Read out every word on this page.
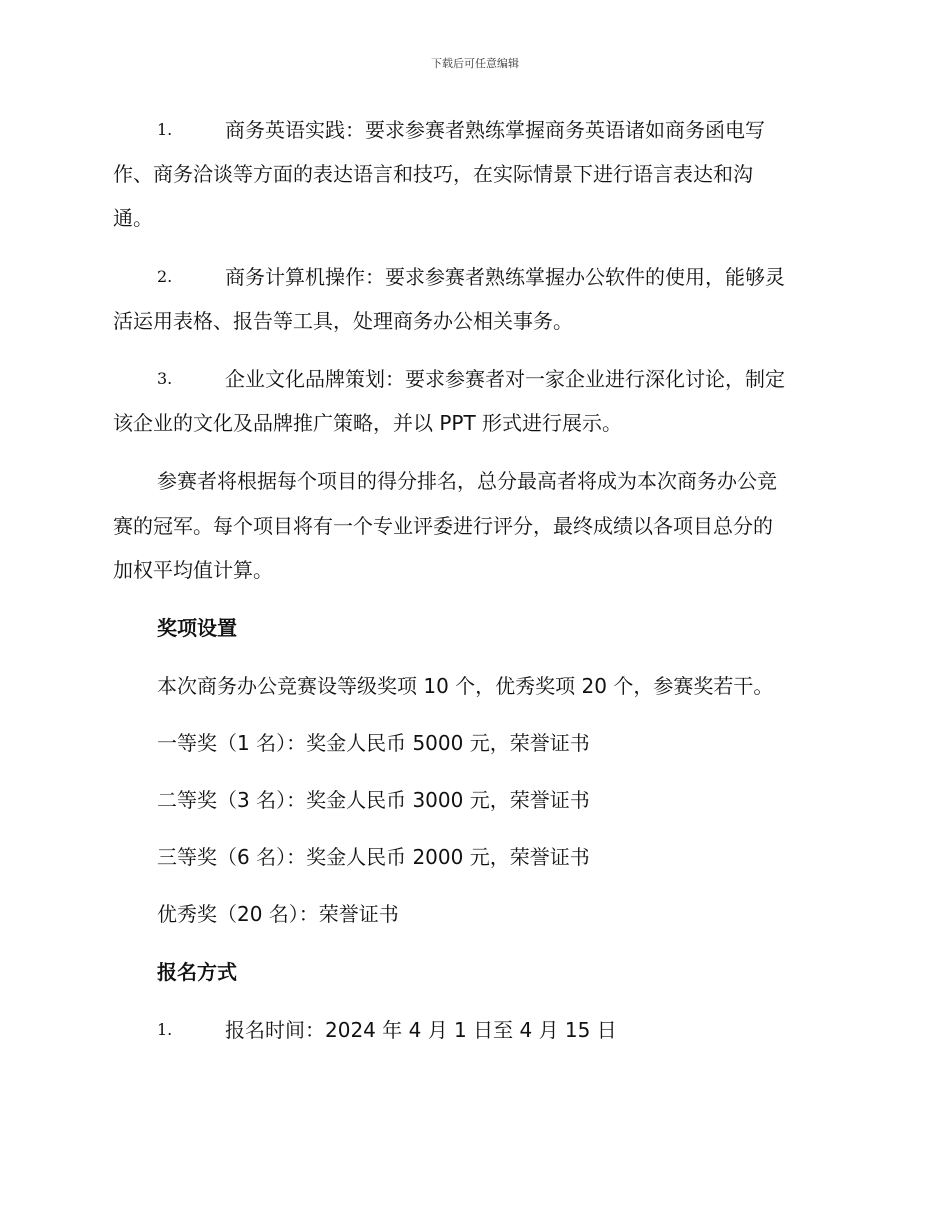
下载后可任意编辑
1.	商务英语实践：要求参赛者熟练掌握商务英语诸如商务函电写
作、商务洽谈等方面的表达语言和技巧，在实际情景下进行语言表达和沟
通。
2.	商务计算机操作：要求参赛者熟练掌握办公软件的使用，能够灵
活运用表格、报告等工具，处理商务办公相关事务。
3.	企业文化品牌策划：要求参赛者对一家企业进行深化讨论，制定
该企业的文化及品牌推广策略，并以 PPT 形式进行展示。
参赛者将根据每个项目的得分排名，总分最高者将成为本次商务办公竞
赛的冠军。每个项目将有一个专业评委进行评分，最终成绩以各项目总分的
加权平均值计算。
奖项设置
本次商务办公竞赛设等级奖项 10 个，优秀奖项 20 个，参赛奖若干。
一等奖（1 名）：奖金人民币 5000 元，荣誉证书
二等奖（3 名）：奖金人民币 3000 元，荣誉证书
三等奖（6 名）：奖金人民币 2000 元，荣誉证书
优秀奖（20 名）：荣誉证书
报名方式
1.	报名时间：2024 年 4 月 1 日至 4 月 15 日
